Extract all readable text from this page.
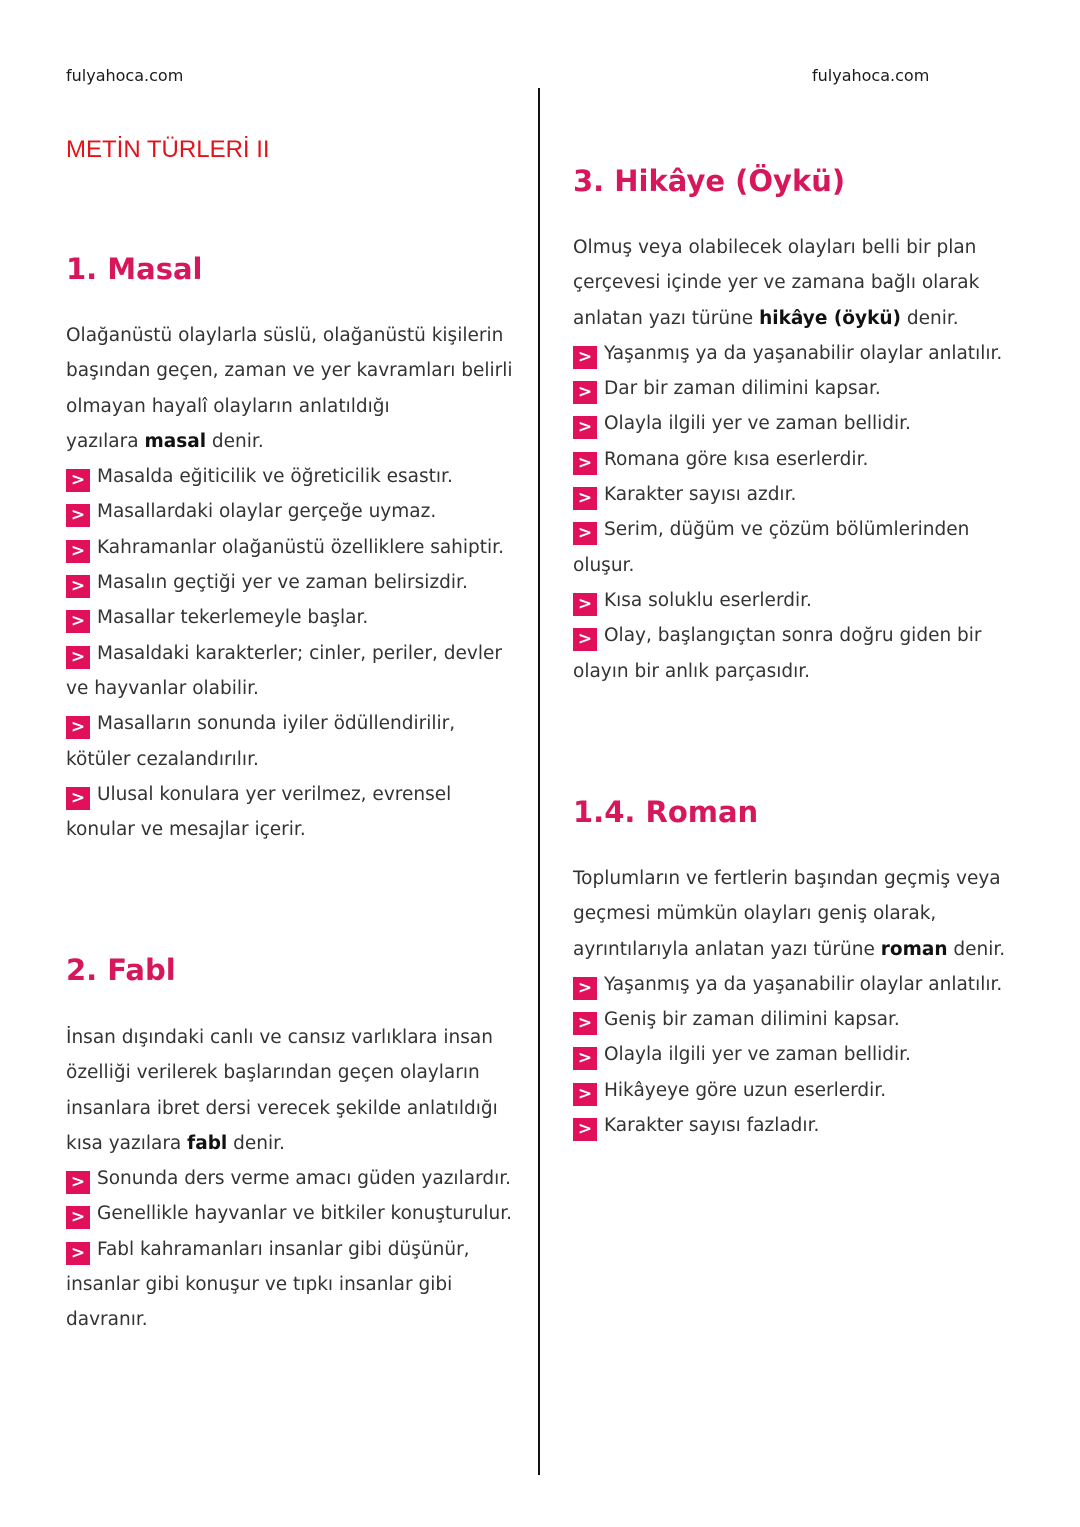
fulyahoca.com	fulyahoca.com
METİN TÜRLERİ II
1. Masal

Olağanüstü olaylarla süslü, olağanüstü kişilerin

başından geçen, zaman ve yer kavramları belirli

olmayan hayalî olayların anlatıldığı

yazılara masal denir.

> Masalda eğiticilik ve öğreticilik esastır.

> Masallardaki olaylar gerçeğe uymaz.

> Kahramanlar olağanüstü özelliklere sahiptir.

> Masalın geçtiği yer ve zaman belirsizdir.

> Masallar tekerlemeyle başlar.

> Masaldaki karakterler; cinler, periler, devler

ve hayvanlar olabilir.

> Masalların sonunda iyiler ödüllendirilir,

kötüler cezalandırılır.

> Ulusal konulara yer verilmez, evrensel

konular ve mesajlar içerir.

2. Fabl

İnsan dışındaki canlı ve cansız varlıklara insan

özelliği verilerek başlarından geçen olayların

insanlara ibret dersi verecek şekilde anlatıldığı

kısa yazılara fabl denir.

> Sonunda ders verme amacı güden yazılardır.

> Genellikle hayvanlar ve bitkiler konuşturulur.

> Fabl kahramanları insanlar gibi düşünür,

insanlar gibi konuşur ve tıpkı insanlar gibi

davranır.

3. Hikâye (Öykü)

Olmuş veya olabilecek olayları belli bir plan

çerçevesi içinde yer ve zamana bağlı olarak

anlatan yazı türüne hikâye (öykü) denir.

> Yaşanmış ya da yaşanabilir olaylar anlatılır.

> Dar bir zaman dilimini kapsar.

> Olayla ilgili yer ve zaman bellidir.

> Romana göre kısa eserlerdir.

> Karakter sayısı azdır.

> Serim, düğüm ve çözüm bölümlerinden

oluşur.

> Kısa soluklu eserlerdir.

> Olay, başlangıçtan sonra doğru giden bir

olayın bir anlık parçasıdır.

1.4. Roman

Toplumların ve fertlerin başından geçmiş veya

geçmesi mümkün olayları geniş olarak,

ayrıntılarıyla anlatan yazı türüne roman denir.

> Yaşanmış ya da yaşanabilir olaylar anlatılır.

> Geniş bir zaman dilimini kapsar.

> Olayla ilgili yer ve zaman bellidir.

> Hikâyeye göre uzun eserlerdir.

> Karakter sayısı fazladır.
